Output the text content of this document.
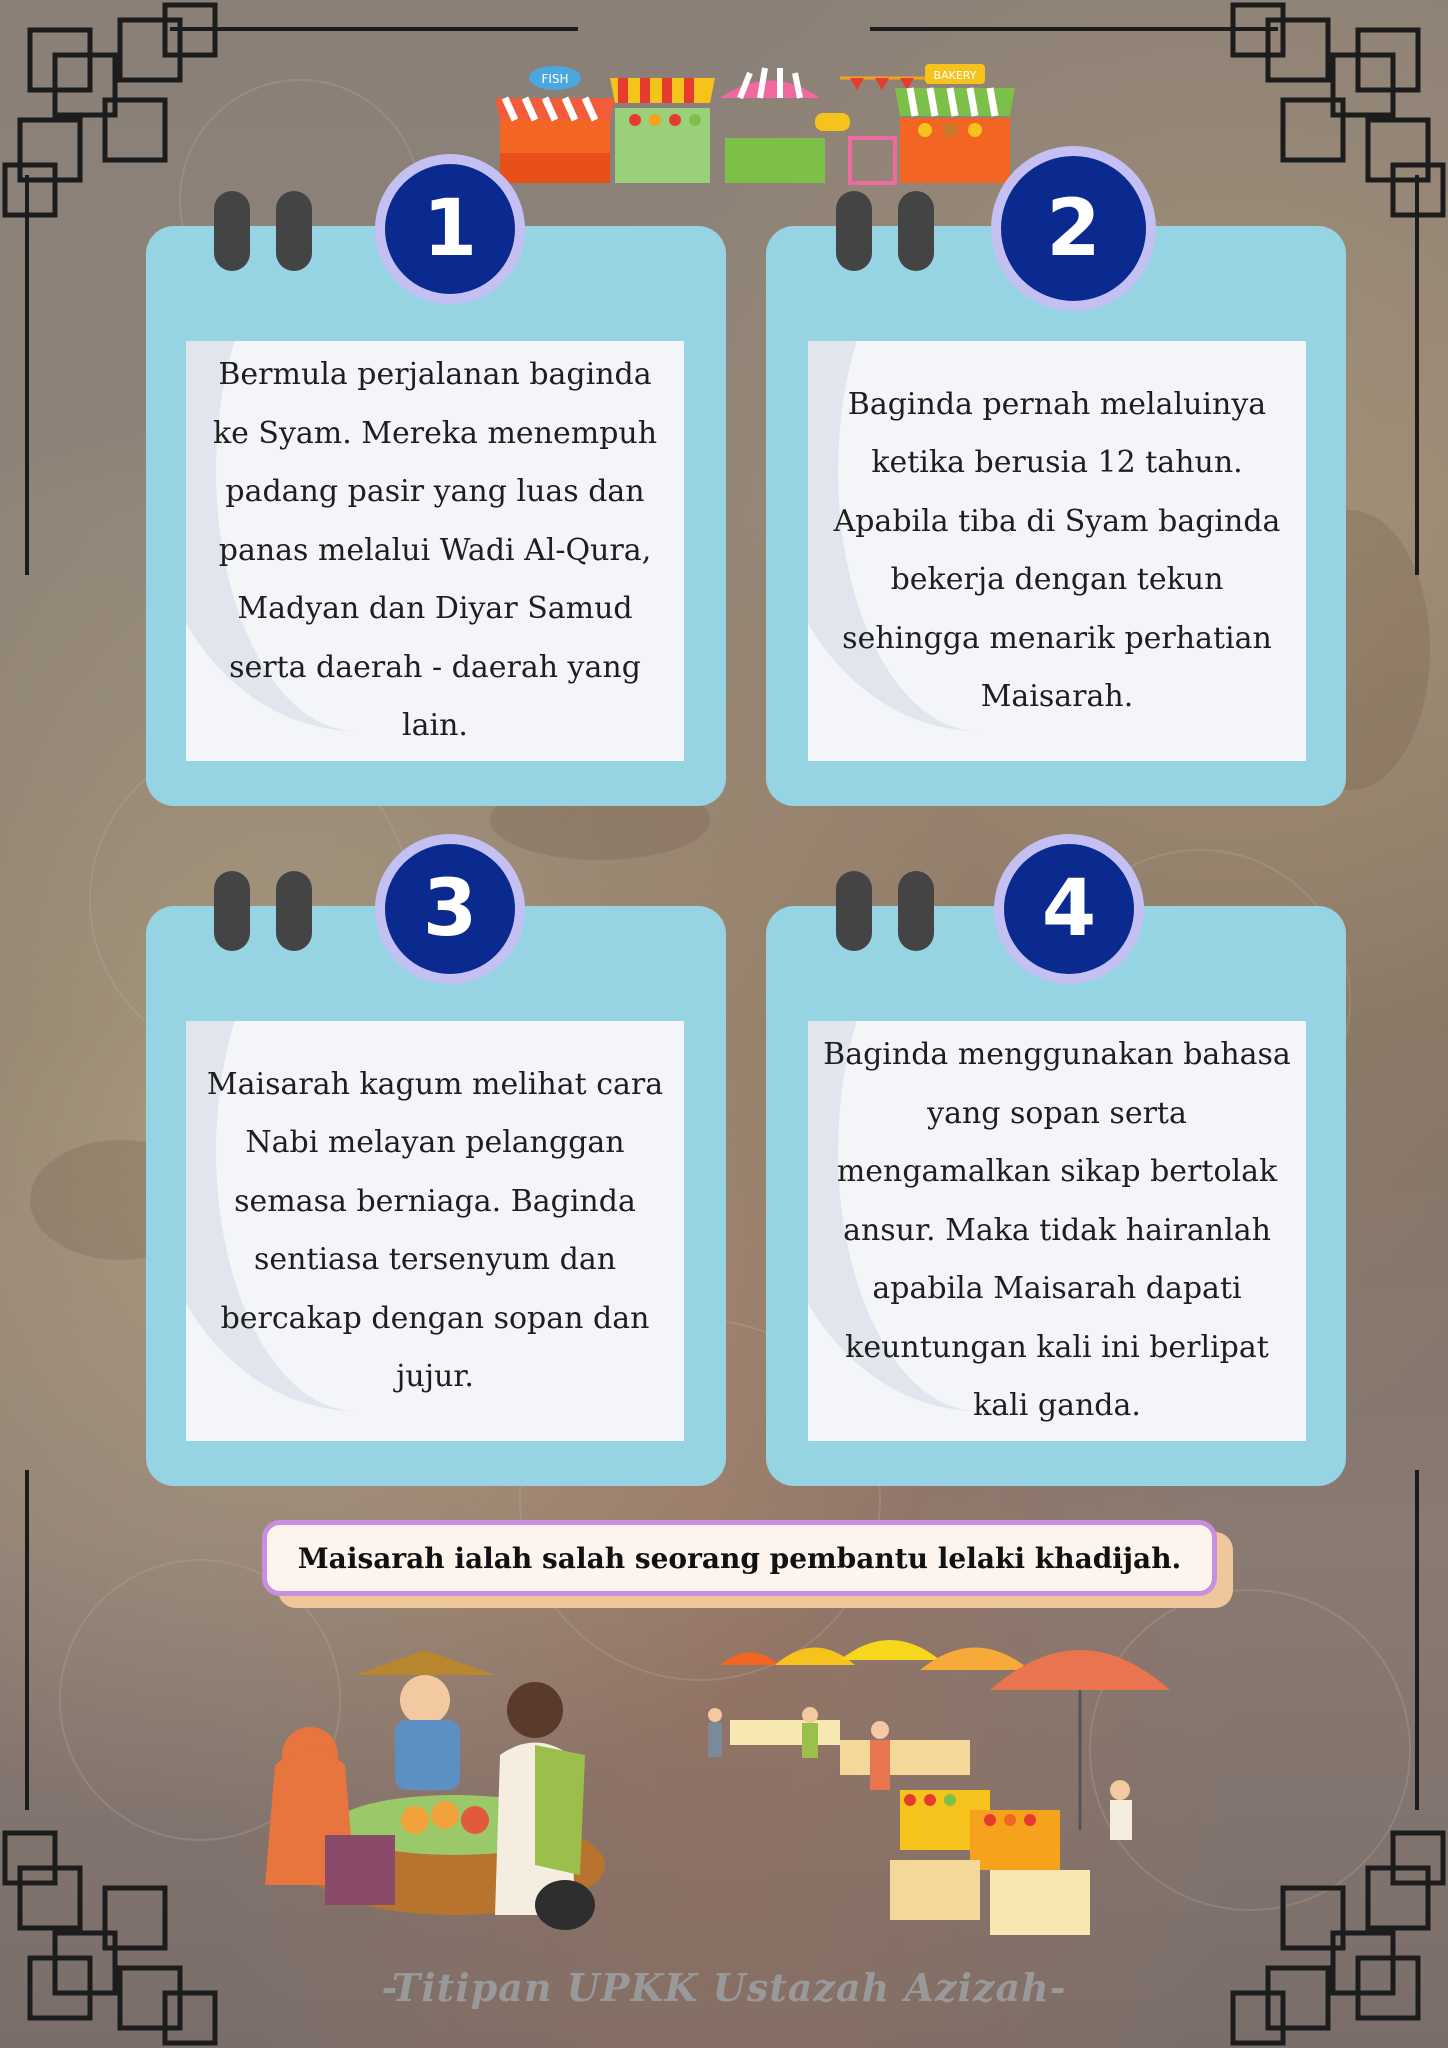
FISH	BAKERY
1

Bermula perjalanan baginda ke Syam. Mereka menempuh padang pasir yang luas dan panas melalui Wadi Al-Qura, Madyan dan Diyar Samud serta daerah - daerah yang lain.

2

Baginda pernah melaluinya ketika berusia 12 tahun. Apabila tiba di Syam baginda bekerja dengan tekun sehingga menarik perhatian Maisarah.

3

Maisarah kagum melihat cara Nabi melayan pelanggan semasa berniaga. Baginda sentiasa tersenyum dan bercakap dengan sopan dan jujur.

4

Baginda menggunakan bahasa yang sopan serta mengamalkan sikap bertolak ansur. Maka tidak hairanlah apabila Maisarah dapati keuntungan kali ini berlipat kali ganda.

Maisarah ialah salah seorang pembantu lelaki khadijah.
-Titipan UPKK Ustazah Azizah-
